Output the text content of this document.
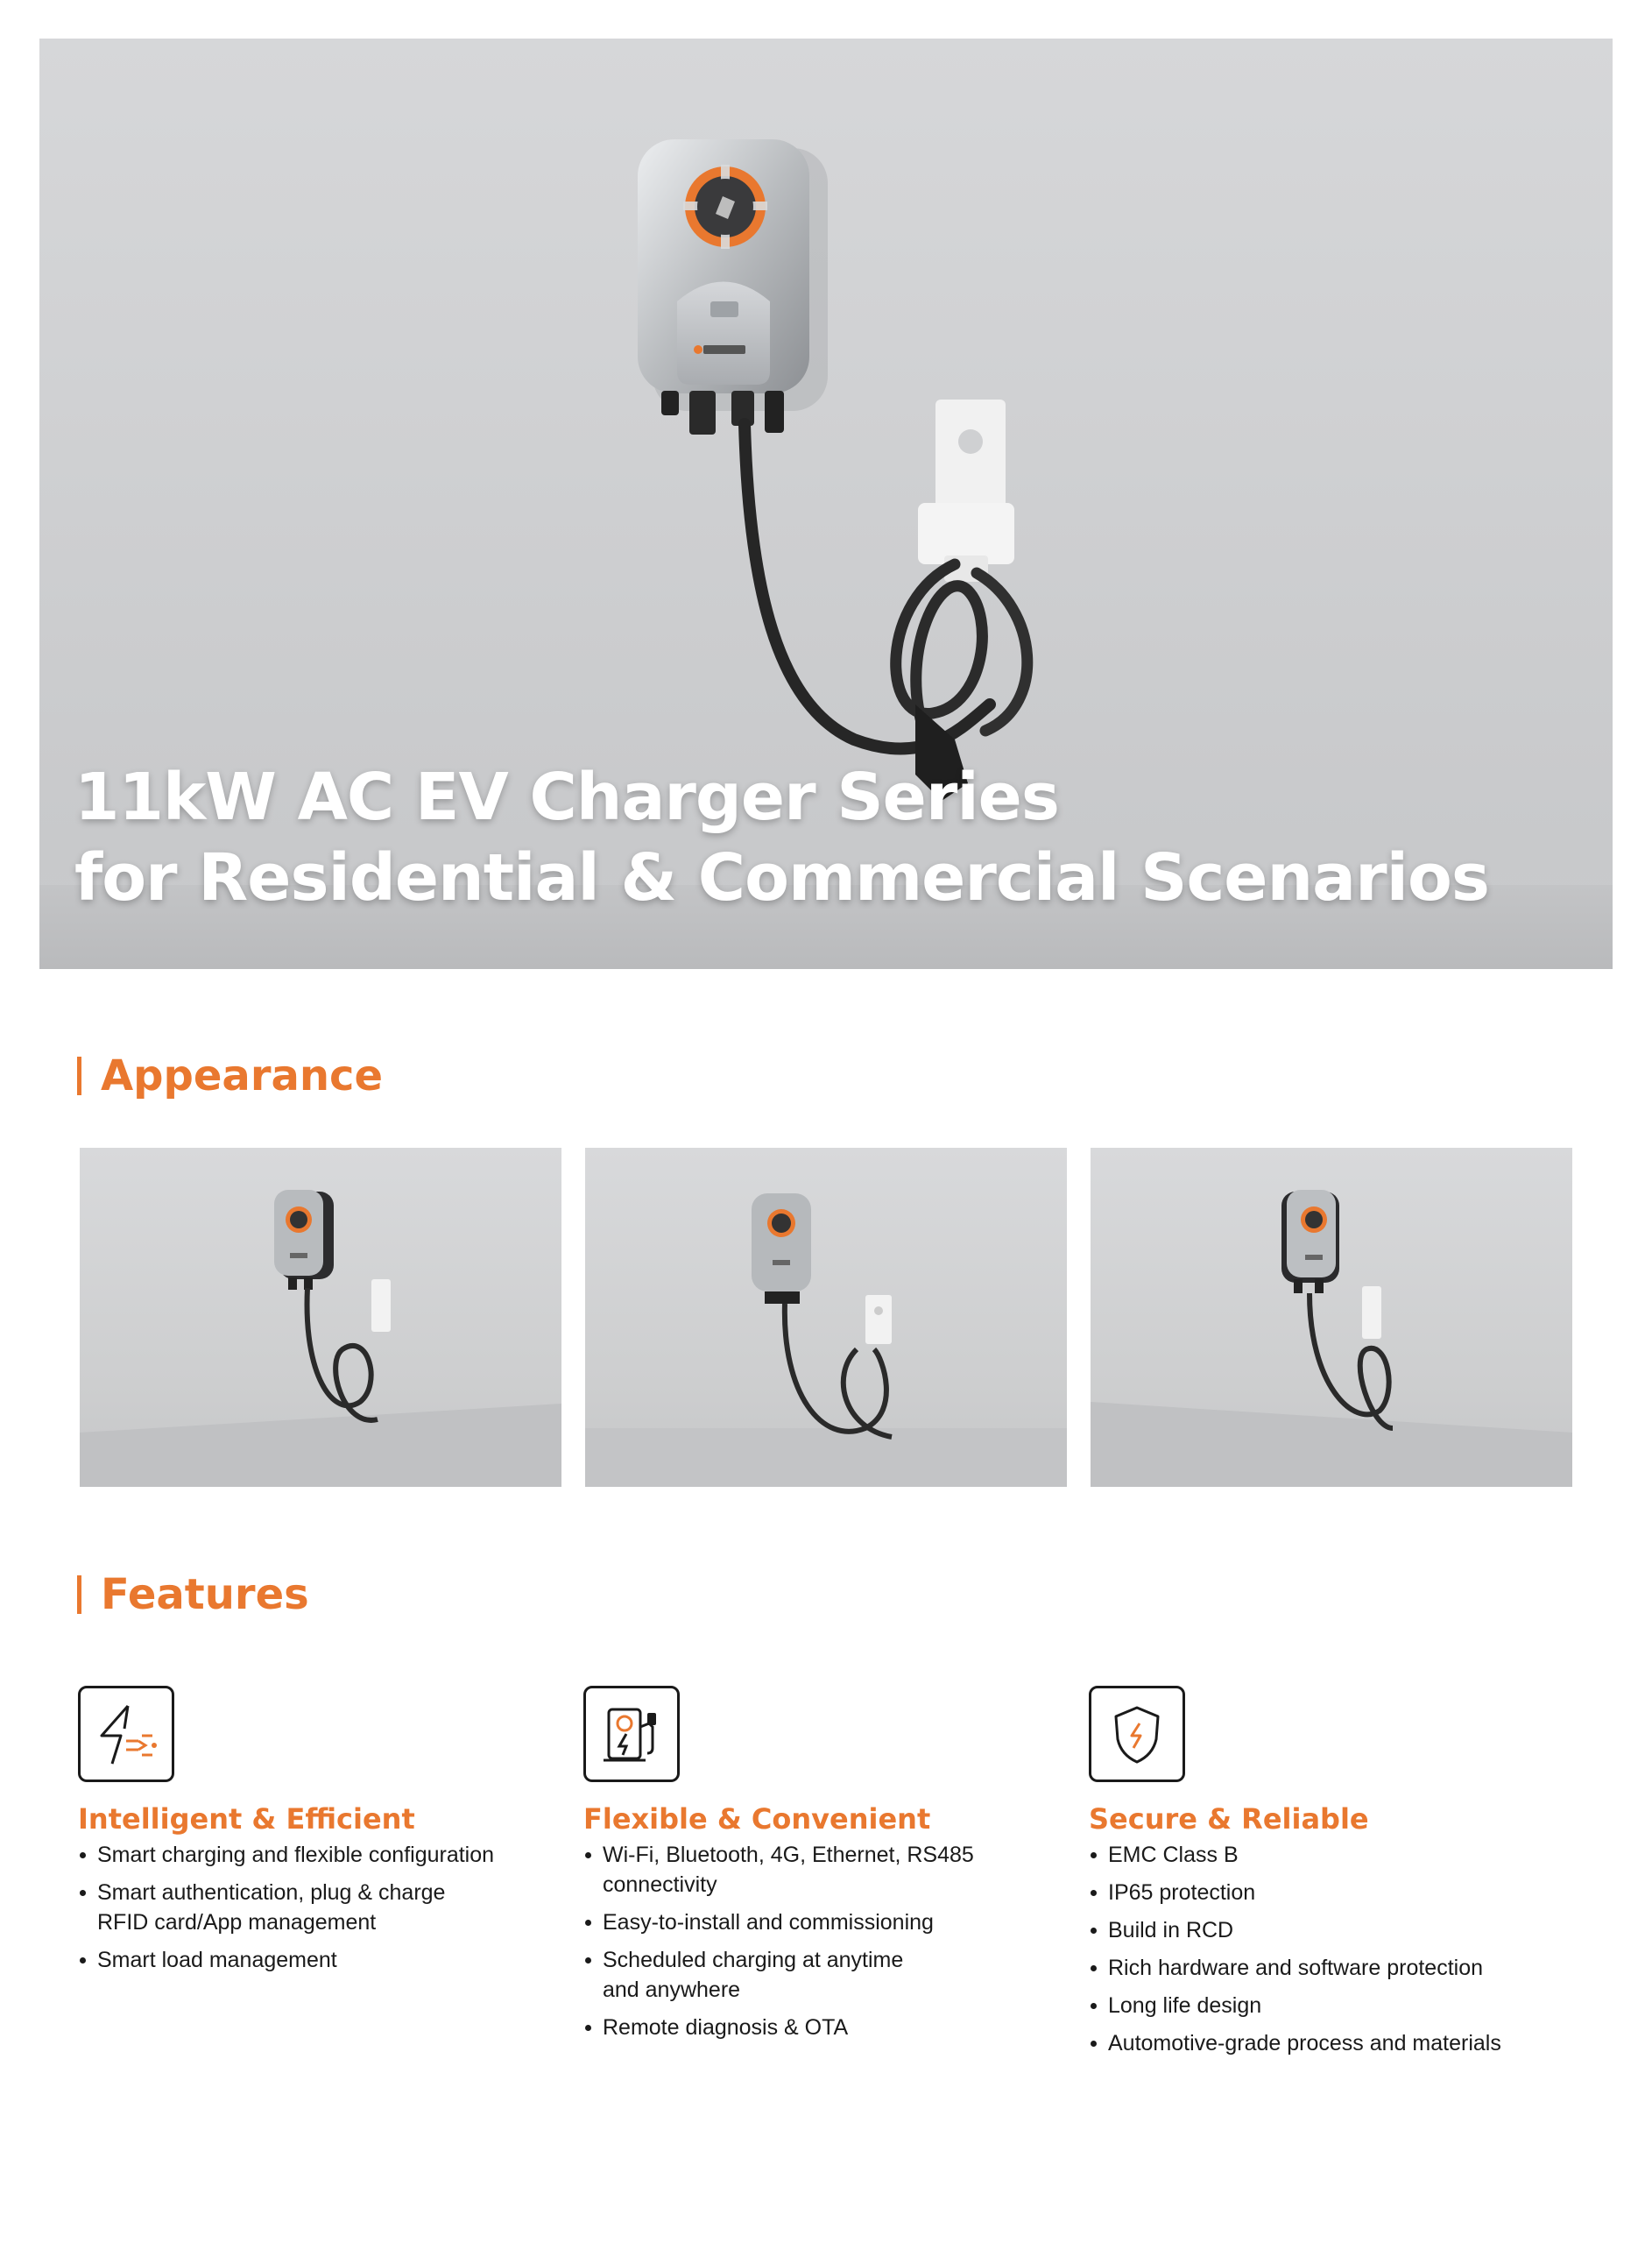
11kW AC EV Charger Series
for Residential & Commercial Scenarios
Appearance
Features
Intelligent & Efficient
Smart charging and flexible configuration
Smart authentication, plug & charge RFID card/App management
Smart load management
Flexible & Convenient
Wi-Fi, Bluetooth, 4G, Ethernet, RS485 connectivity
Easy-to-install and commissioning
Scheduled charging at anytime and anywhere
Remote diagnosis & OTA
Secure & Reliable
EMC Class B
IP65 protection
Build in RCD
Rich hardware and software protection
Long life design
Automotive-grade process and materials
